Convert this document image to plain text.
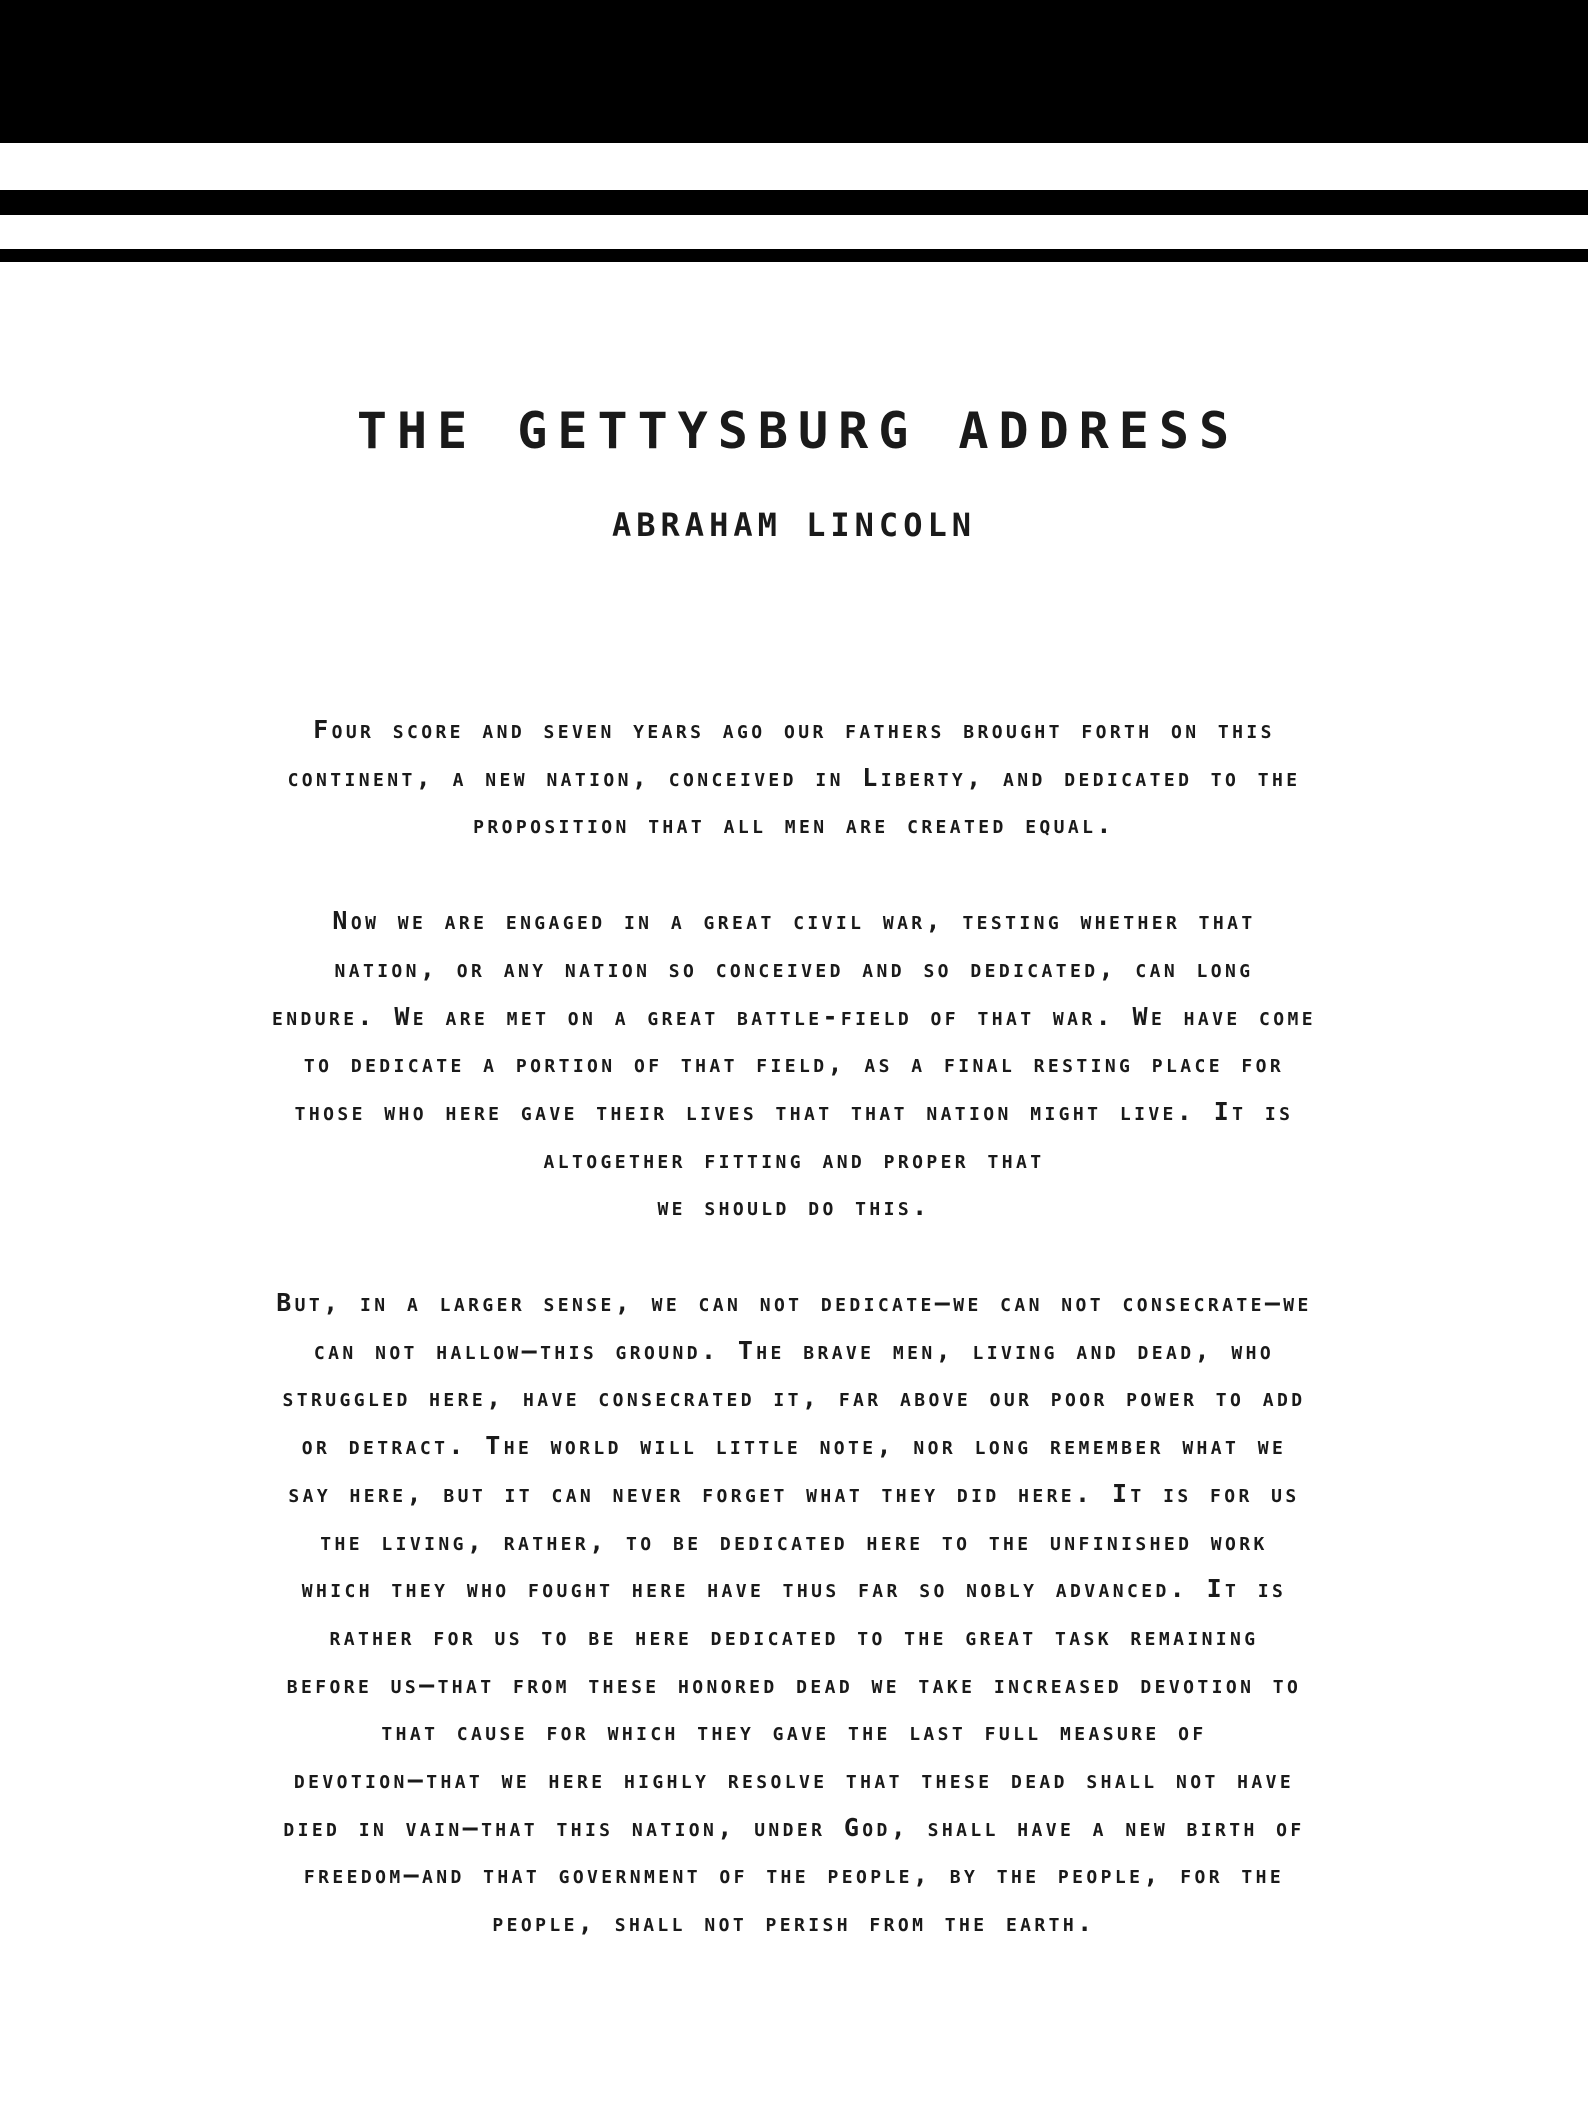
THE GETTYSBURG ADDRESS
ABRAHAM LINCOLN

Four score and seven years ago our fathers brought forth on this
continent, a new nation, conceived in Liberty, and dedicated to the
proposition that all men are created equal.

Now we are engaged in a great civil war, testing whether that
nation, or any nation so conceived and so dedicated, can long
endure. We are met on a great battle-field of that war. We have come
to dedicate a portion of that field, as a final resting place for
those who here gave their lives that that nation might live. It is
altogether fitting and proper that
we should do this.

But, in a larger sense, we can not dedicate—we can not consecrate—we
can not hallow—this ground. The brave men, living and dead, who
struggled here, have consecrated it, far above our poor power to add
or detract. The world will little note, nor long remember what we
say here, but it can never forget what they did here. It is for us
the living, rather, to be dedicated here to the unfinished work
which they who fought here have thus far so nobly advanced. It is
rather for us to be here dedicated to the great task remaining
before us—that from these honored dead we take increased devotion to
that cause for which they gave the last full measure of
devotion—that we here highly resolve that these dead shall not have
died in vain—that this nation, under God, shall have a new birth of
freedom—and that government of the people, by the people, for the
people, shall not perish from the earth.
